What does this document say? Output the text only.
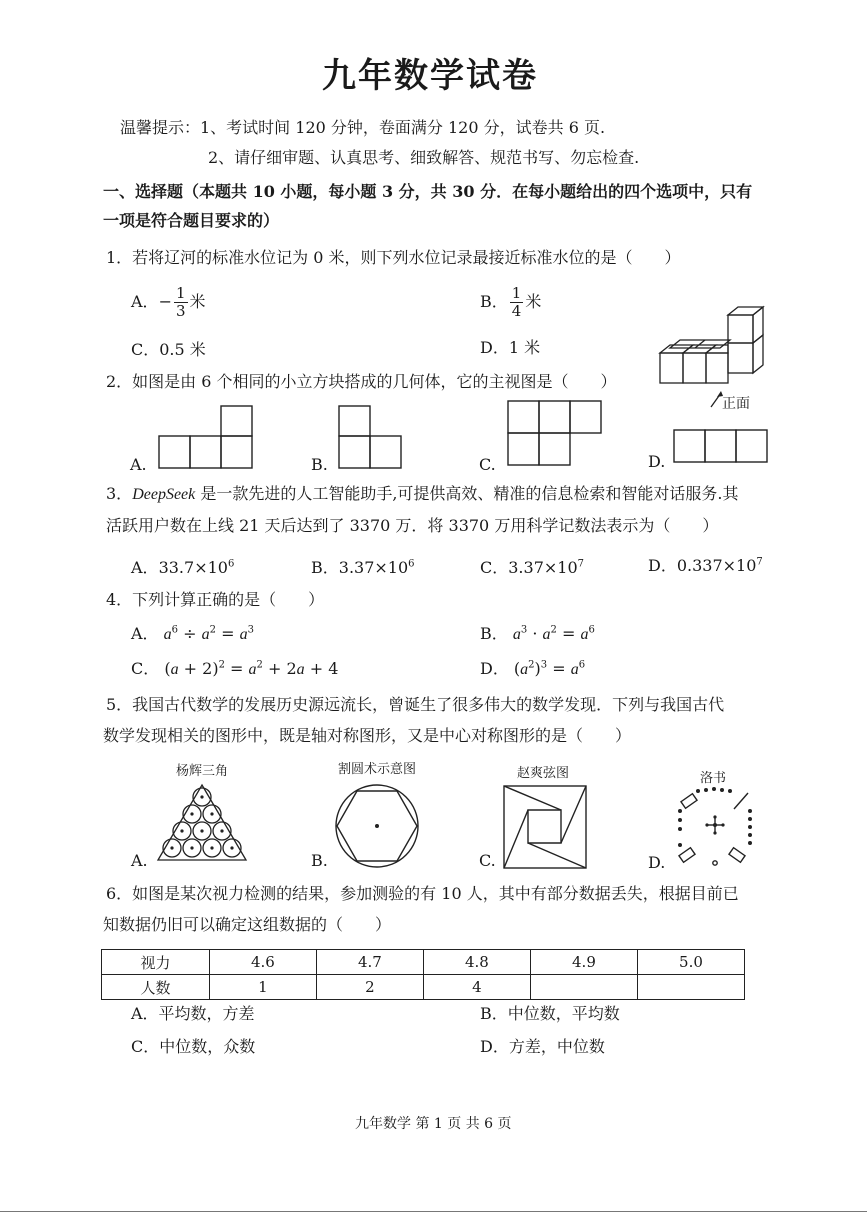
九年数学试卷
温馨提示：1、考试时间 120 分钟，卷面满分 120 分，试卷共 6 页.
2、请仔细审题、认真思考、细致解答、规范书写、勿忘检查.
一、选择题（本题共 10 小题，每小题 3 分，共 30 分．在每小题给出的四个选项中，只有
一项是符合题目要求的）
1．若将辽河的标准水位记为 0 米，则下列水位记录最接近标准水位的是（　　）
A．− $\frac{1}{3}$ 米	B． $\frac{1}{4}$ 米
C．0.5 米	D．1 米
正面
2．如图是由 6 个相同的小立方块搭成的几何体，它的主视图是（　　）
A.	B.	C.	D.
3．DeepSeek 是一款先进的人工智能助手,可提供高效、精准的信息检索和智能对话服务.其
活跃用户数在上线 21 天后达到了 3370 万．将 3370 万用科学记数法表示为（　　）
A．$33.7\times 10^6$	B．$3.37\times 10^6$	C．$3.37\times 10^7$	D．$0.337\times 10^7$
4．下列计算正确的是（　　）
A． $a^6 \div a^2 = a^3$	B． $a^3 \cdot a^2 = a^6$
C． $(a + 2)^2 = a^2 + 2a + 4$	D． $(a^2)^3 = a^6$
5．我国古代数学的发展历史源远流长，曾诞生了很多伟大的数学发现．下列与我国古代
数学发现相关的图形中，既是轴对称图形，又是中心对称图形的是（　　）
杨辉三角	割圆术示意图	赵爽弦图	洛书
A.	B.	C.	D.
6．如图是某次视力检测的结果，参加测验的有 10 人，其中有部分数据丢失，根据目前已
知数据仍旧可以确定这组数据的（　　）
视力	4.6	4.7	4.8	4.9	5.0
人数	1	2	4		
A．平均数，方差	B．中位数，平均数
C．中位数，众数	D．方差，中位数
九年数学 第 1 页 共 6 页
